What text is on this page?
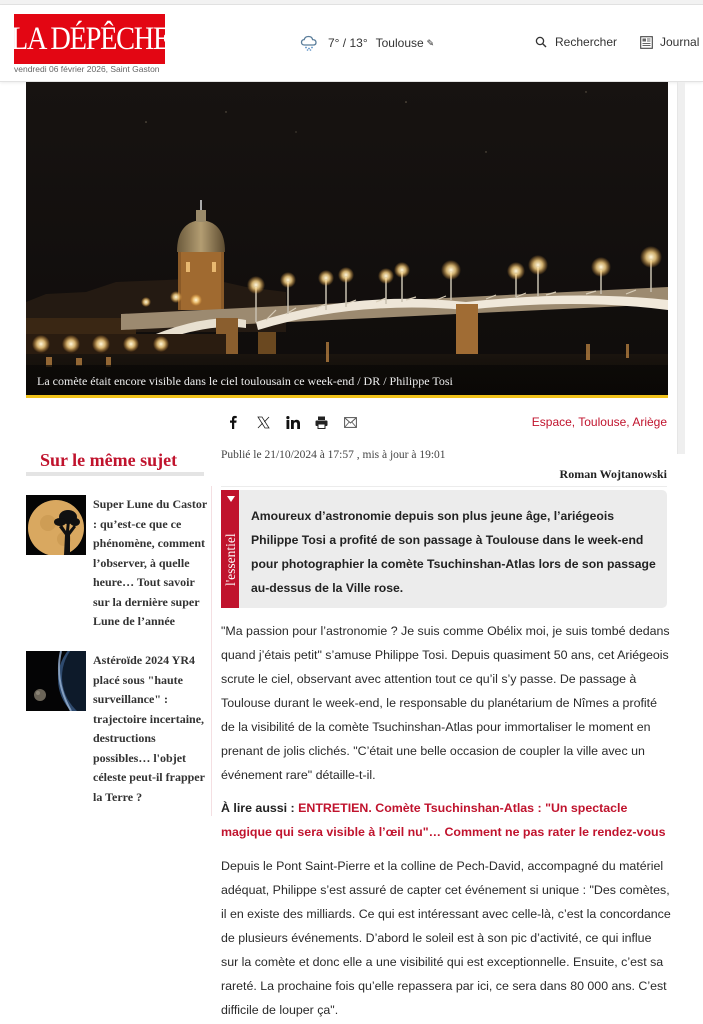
LA DÉPÊCHE
vendredi 06 février 2026, Saint Gaston
7° / 13° Toulouse ✎	Rechercher	Journal
La comète était encore visible dans le ciel toulousain ce week-end / DR / Philippe Tosi
Espace, Toulouse, Ariège
Sur le même sujet
Super Lune du Castor : qu’est-ce que ce phénomène, comment l’observer, à quelle heure… Tout savoir sur la dernière super Lune de l’année
Astéroïde 2024 YR4 placé sous "haute surveillance" : trajectoire incertaine, destructions possibles… l'objet céleste peut-il frapper la Terre ?
Publié le 21/10/2024 à 17:57 , mis à jour à 19:01
Roman Wojtanowski
l'essentiel
Amoureux d’astronomie depuis son plus jeune âge, l’ariégeois Philippe Tosi a profité de son passage à Toulouse dans le week-end pour photographier la comète Tsuchinshan-Atlas lors de son passage au-dessus de la Ville rose.

"Ma passion pour l’astronomie ? Je suis comme Obélix moi, je suis tombé dedans quand j’étais petit" s’amuse Philippe Tosi. Depuis quasiment 50 ans, cet Ariégeois scrute le ciel, observant avec attention tout ce qu’il s’y passe. De passage à Toulouse durant le week-end, le responsable du planétarium de Nîmes a profité de la visibilité de la comète Tsuchinshan-Atlas pour immortaliser le moment en prenant de jolis clichés. "C’était une belle occasion de coupler la ville avec un événement rare" détaille-t-il.

À lire aussi : ENTRETIEN. Comète Tsuchinshan-Atlas : "Un spectacle magique qui sera visible à l’œil nu"… Comment ne pas rater le rendez-vous

Depuis le Pont Saint-Pierre et la colline de Pech-David, accompagné du matériel adéquat, Philippe s’est assuré de capter cet événement si unique : "Des comètes, il en existe des milliards. Ce qui est intéressant avec celle-là, c’est la concordance de plusieurs événements. D’abord le soleil est à son pic d’activité, ce qui influe sur la comète et donc elle a une visibilité qui est exceptionnelle. Ensuite, c’est sa rareté. La prochaine fois qu’elle repassera par ici, ce sera dans 80 000 ans. C’est difficile de louper ça".
